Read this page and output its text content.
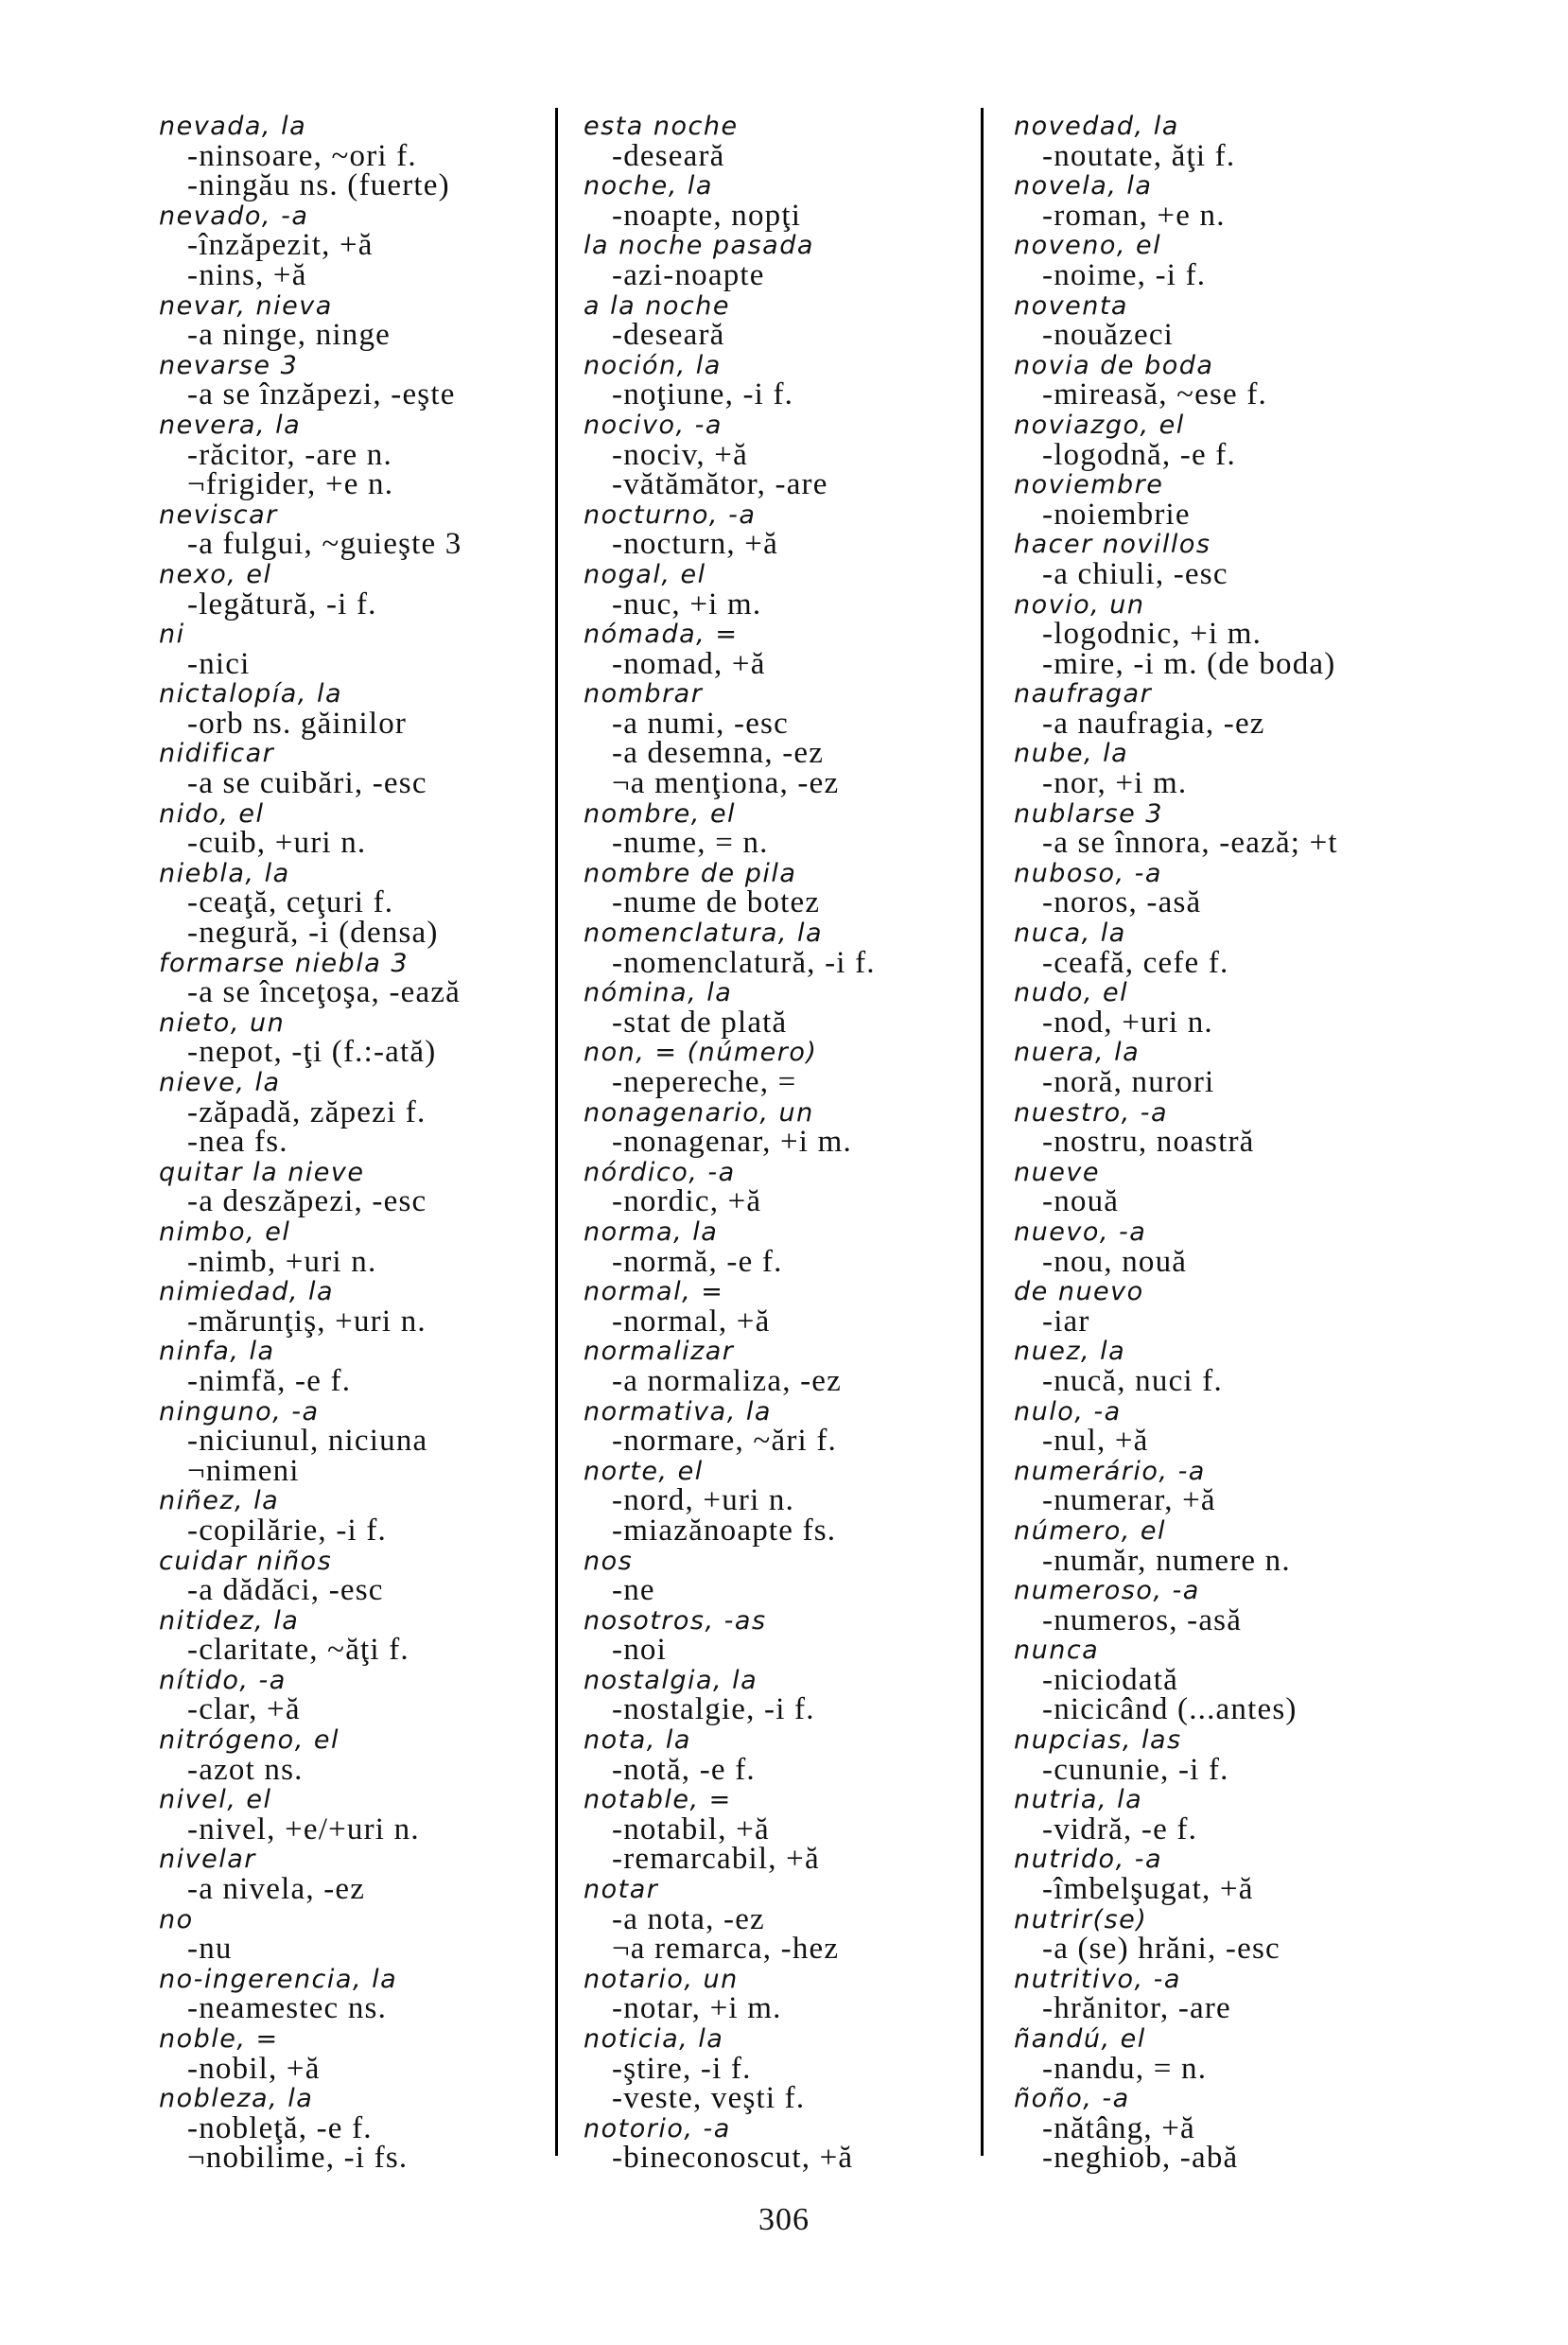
nevada, la
-ninsoare, ~ori f.
-ningău ns. (fuerte)
nevado, -a
-înzăpezit, +ă
-nins, +ă
nevar, nieva
-a ninge, ninge
nevarse 3
-a se înzăpezi, -eşte
nevera, la
-răcitor, -are n.
¬frigider, +e n.
neviscar
-a fulgui, ~guieşte 3
nexo, el
-legătură, -i f.
ni
-nici
nictalopía, la
-orb ns. găinilor
nidificar
-a se cuibări, -esc
nido, el
-cuib, +uri n.
niebla, la
-ceaţă, ceţuri f.
-negură, -i (densa)
formarse niebla 3
-a se înceţoşa, -ează
nieto, un
-nepot, -ţi (f.:-ată)
nieve, la
-zăpadă, zăpezi f.
-nea fs.
quitar la nieve
-a deszăpezi, -esc
nimbo, el
-nimb, +uri n.
nimiedad, la
-mărunţiş, +uri n.
ninfa, la
-nimfă, -e f.
ninguno, -a
-niciunul, niciuna
¬nimeni
niñez, la
-copilărie, -i f.
cuidar niños
-a dădăci, -esc
nitidez, la
-claritate, ~ăţi f.
nítido, -a
-clar, +ă
nitrógeno, el
-azot ns.
nivel, el
-nivel, +e/+uri n.
nivelar
-a nivela, -ez
no
-nu
no-ingerencia, la
-neamestec ns.
noble, =
-nobil, +ă
nobleza, la
-nobleţă, -e f.
¬nobilime, -i fs.
esta noche
-deseară
noche, la
-noapte, nopţi
la noche pasada
-azi-noapte
a la noche
-deseară
noción, la
-noţiune, -i f.
nocivo, -a
-nociv, +ă
-vătămător, -are
nocturno, -a
-nocturn, +ă
nogal, el
-nuc, +i m.
nómada, =
-nomad, +ă
nombrar
-a numi, -esc
-a desemna, -ez
¬a menţiona, -ez
nombre, el
-nume, = n.
nombre de pila
-nume de botez
nomenclatura, la
-nomenclatură, -i f.
nómina, la
-stat de plată
non, = (número)
-nepereche, =
nonagenario, un
-nonagenar, +i m.
nórdico, -a
-nordic, +ă
norma, la
-normă, -e f.
normal, =
-normal, +ă
normalizar
-a normaliza, -ez
normativa, la
-normare, ~ări f.
norte, el
-nord, +uri n.
-miazănoapte fs.
nos
-ne
nosotros, -as
-noi
nostalgia, la
-nostalgie, -i f.
nota, la
-notă, -e f.
notable, =
-notabil, +ă
-remarcabil, +ă
notar
-a nota, -ez
¬a remarca, -hez
notario, un
-notar, +i m.
noticia, la
-ştire, -i f.
-veste, veşti f.
notorio, -a
-bineconoscut, +ă
novedad, la
-noutate, ăţi f.
novela, la
-roman, +e n.
noveno, el
-noime, -i f.
noventa
-nouăzeci
novia de boda
-mireasă, ~ese f.
noviazgo, el
-logodnă, -e f.
noviembre
-noiembrie
hacer novillos
-a chiuli, -esc
novio, un
-logodnic, +i m.
-mire, -i m. (de boda)
naufragar
-a naufragia, -ez
nube, la
-nor, +i m.
nublarse 3
-a se înnora, -ează; +t
nuboso, -a
-noros, -asă
nuca, la
-ceafă, cefe f.
nudo, el
-nod, +uri n.
nuera, la
-noră, nurori
nuestro, -a
-nostru, noastră
nueve
-nouă
nuevo, -a
-nou, nouă
de nuevo
-iar
nuez, la
-nucă, nuci f.
nulo, -a
-nul, +ă
numerário, -a
-numerar, +ă
número, el
-număr, numere n.
numeroso, -a
-numeros, -asă
nunca
-niciodată
-nicicând (...antes)
nupcias, las
-cununie, -i f.
nutria, la
-vidră, -e f.
nutrido, -a
-îmbelşugat, +ă
nutrir(se)
-a (se) hrăni, -esc
nutritivo, -a
-hrănitor, -are
ñandú, el
-nandu, = n.
ñoño, -a
-nătâng, +ă
-neghiob, -abă
306
